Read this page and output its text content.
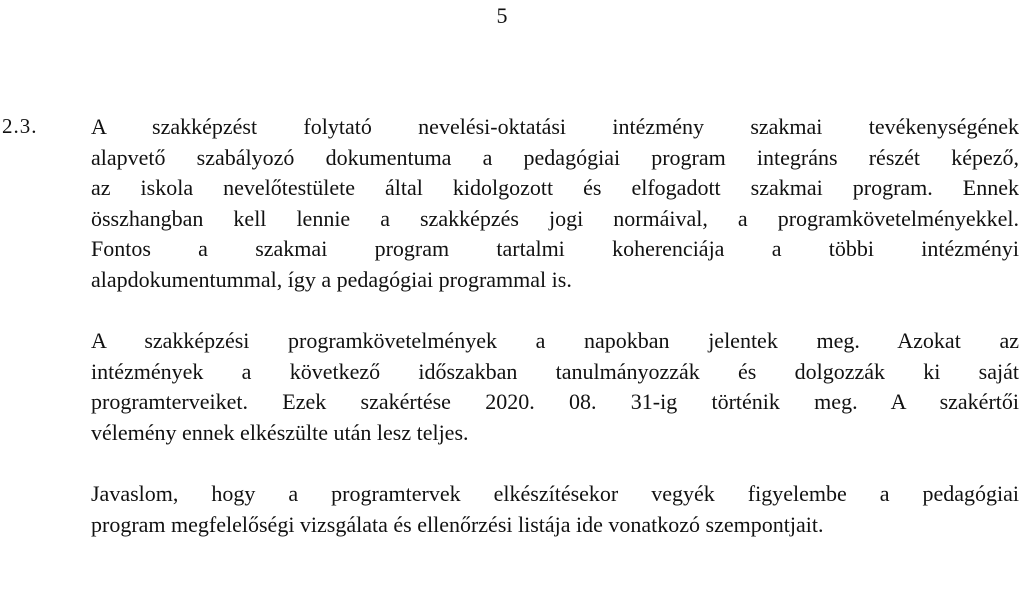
5
2.3. A szakképzést folytató nevelési-oktatási intézmény szakmai tevékenységének
alapvető szabályozó dokumentuma a pedagógiai program integráns részét képező,
az iskola nevelőtestülete által kidolgozott és elfogadott szakmai program. Ennek
összhangban kell lennie a szakképzés jogi normáival, a programkövetelményekkel.
Fontos a szakmai program tartalmi koherenciája a többi intézményi
alapdokumentummal, így a pedagógiai programmal is.
A szakképzési programkövetelmények a napokban jelentek meg. Azokat az
intézmények a következő időszakban tanulmányozzák és dolgozzák ki saját
programterveiket. Ezek szakértése 2020. 08. 31-ig történik meg. A szakértői
vélemény ennek elkészülte után lesz teljes.
Javaslom, hogy a programtervek elkészítésekor vegyék figyelembe a pedagógiai
program megfelelőségi vizsgálata és ellenőrzési listája ide vonatkozó szempontjait.
